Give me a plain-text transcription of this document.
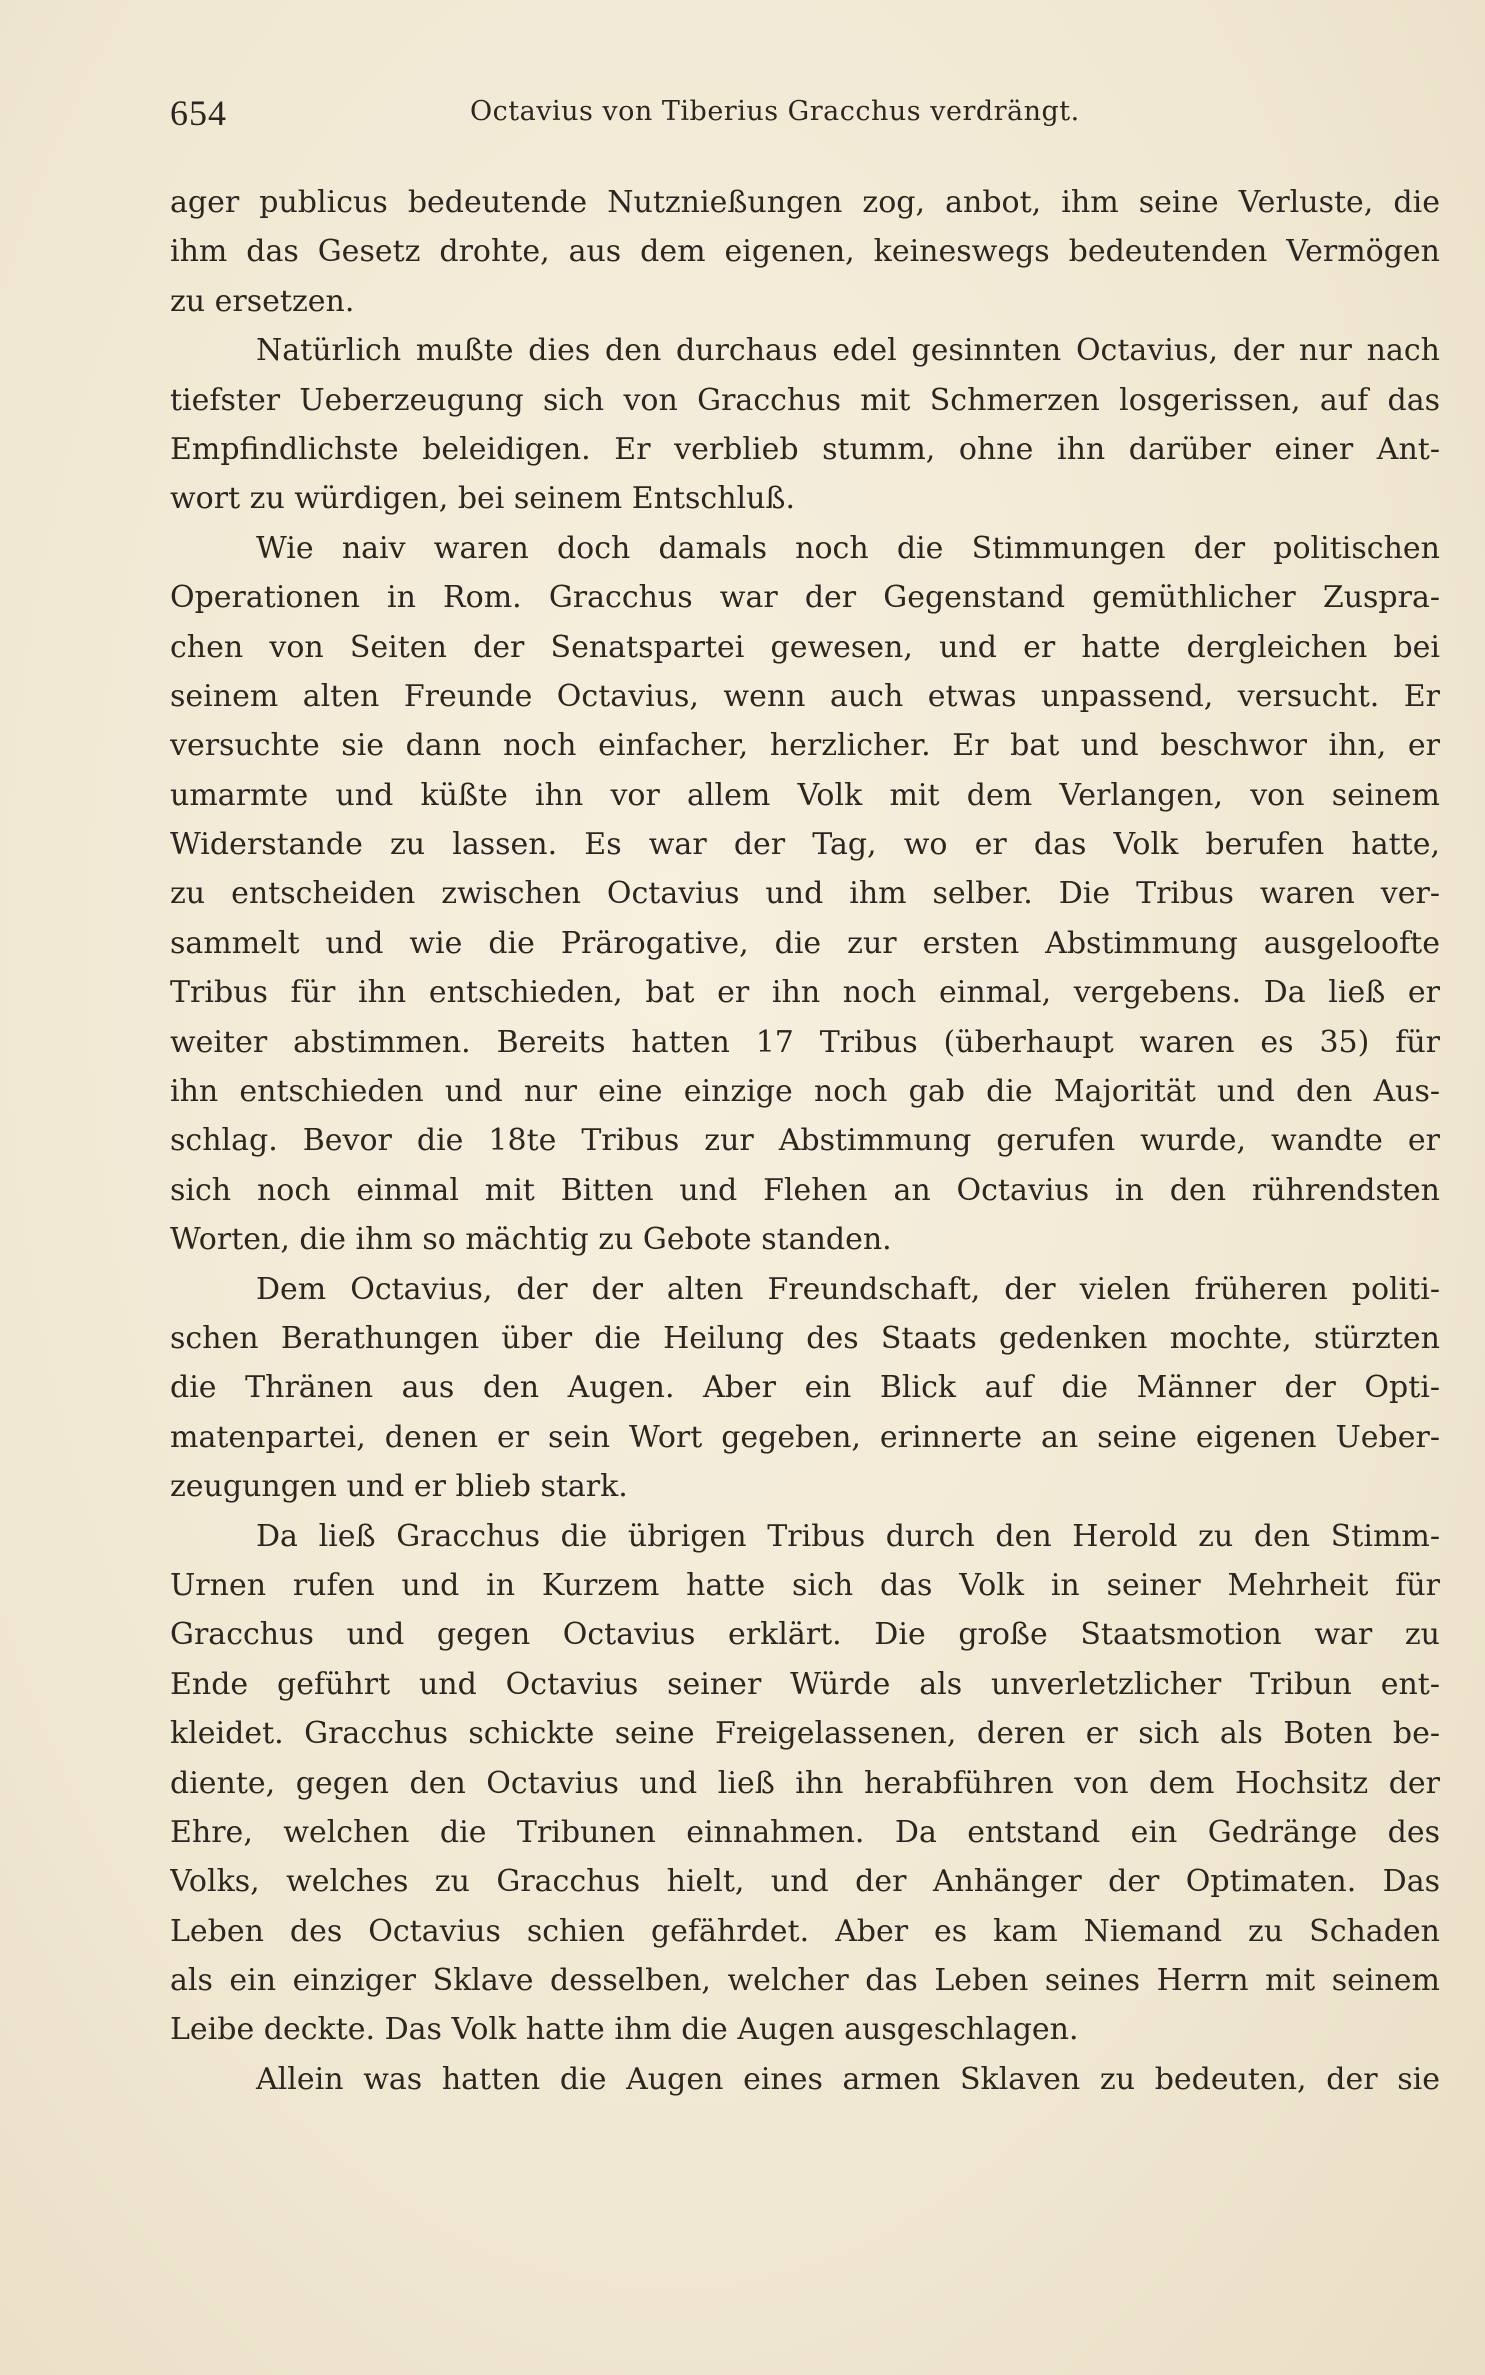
654	Octavius von Tiberius Gracchus verdrängt.
ager publicus bedeutende Nutznießungen zog, anbot, ihm seine Verluste, die
ihm das Gesetz drohte, aus dem eigenen, keineswegs bedeutenden Vermögen
zu ersetzen.
Natürlich mußte dies den durchaus edel gesinnten Octavius, der nur nach
tiefster Ueberzeugung sich von Gracchus mit Schmerzen losgerissen, auf das
Empfindlichste beleidigen. Er verblieb stumm, ohne ihn darüber einer Ant-
wort zu würdigen, bei seinem Entschluß.
Wie naiv waren doch damals noch die Stimmungen der politischen
Operationen in Rom. Gracchus war der Gegenstand gemüthlicher Zuspra-
chen von Seiten der Senatspartei gewesen, und er hatte dergleichen bei
seinem alten Freunde Octavius, wenn auch etwas unpassend, versucht. Er
versuchte sie dann noch einfacher, herzlicher. Er bat und beschwor ihn, er
umarmte und küßte ihn vor allem Volk mit dem Verlangen, von seinem
Widerstande zu lassen. Es war der Tag, wo er das Volk berufen hatte,
zu entscheiden zwischen Octavius und ihm selber. Die Tribus waren ver-
sammelt und wie die Prärogative, die zur ersten Abstimmung ausgeloofte
Tribus für ihn entschieden, bat er ihn noch einmal, vergebens. Da ließ er
weiter abstimmen. Bereits hatten 17 Tribus (überhaupt waren es 35) für
ihn entschieden und nur eine einzige noch gab die Majorität und den Aus-
schlag. Bevor die 18te Tribus zur Abstimmung gerufen wurde, wandte er
sich noch einmal mit Bitten und Flehen an Octavius in den rührendsten
Worten, die ihm so mächtig zu Gebote standen.
Dem Octavius, der der alten Freundschaft, der vielen früheren politi-
schen Berathungen über die Heilung des Staats gedenken mochte, stürzten
die Thränen aus den Augen. Aber ein Blick auf die Männer der Opti-
matenpartei, denen er sein Wort gegeben, erinnerte an seine eigenen Ueber-
zeugungen und er blieb stark.
Da ließ Gracchus die übrigen Tribus durch den Herold zu den Stimm-
Urnen rufen und in Kurzem hatte sich das Volk in seiner Mehrheit für
Gracchus und gegen Octavius erklärt. Die große Staatsmotion war zu
Ende geführt und Octavius seiner Würde als unverletzlicher Tribun ent-
kleidet. Gracchus schickte seine Freigelassenen, deren er sich als Boten be-
diente, gegen den Octavius und ließ ihn herabführen von dem Hochsitz der
Ehre, welchen die Tribunen einnahmen. Da entstand ein Gedränge des
Volks, welches zu Gracchus hielt, und der Anhänger der Optimaten. Das
Leben des Octavius schien gefährdet. Aber es kam Niemand zu Schaden
als ein einziger Sklave desselben, welcher das Leben seines Herrn mit seinem
Leibe deckte. Das Volk hatte ihm die Augen ausgeschlagen.
Allein was hatten die Augen eines armen Sklaven zu bedeuten, der sie
